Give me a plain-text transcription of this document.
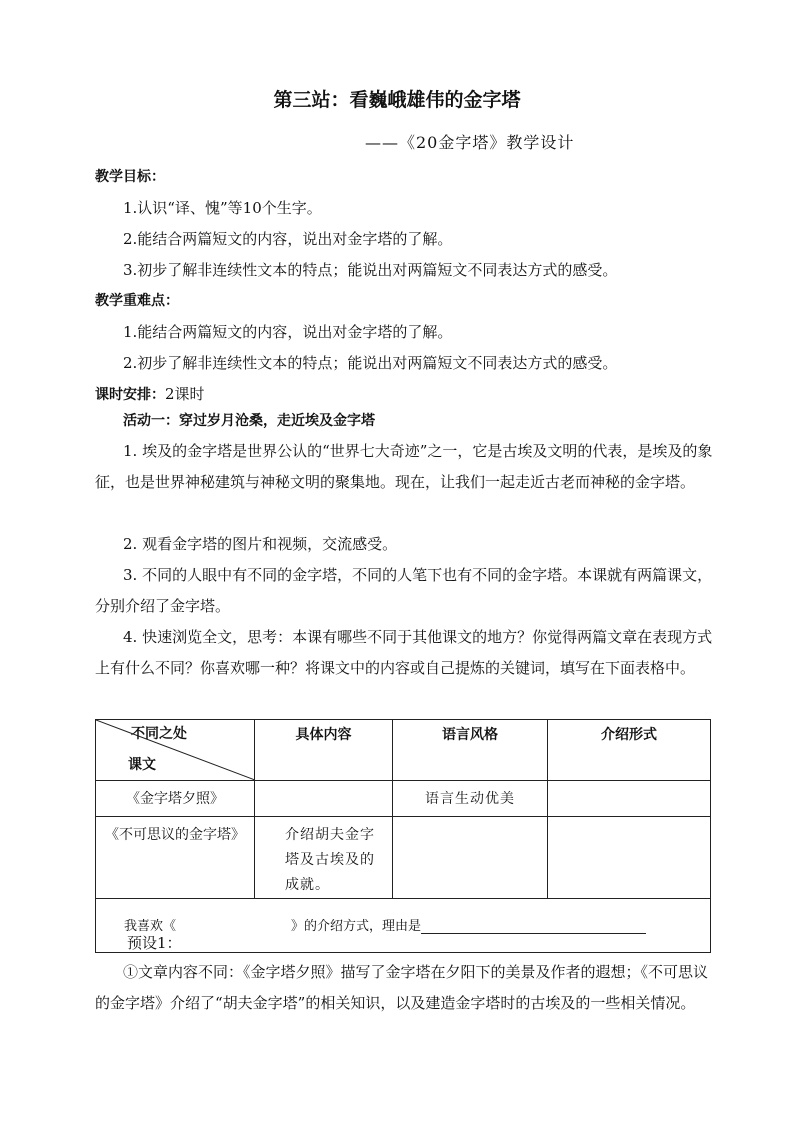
第三站：看巍峨雄伟的金字塔
——《20金字塔》教学设计
教学目标：
1.认识“译、愧”等10个生字。
2.能结合两篇短文的内容，说出对金字塔的了解。
3.初步了解非连续性文本的特点；能说出对两篇短文不同表达方式的感受。
教学重难点：
1.能结合两篇短文的内容，说出对金字塔的了解。
2.初步了解非连续性文本的特点；能说出对两篇短文不同表达方式的感受。
课时安排：2课时
活动一：穿过岁月沧桑，走近埃及金字塔
1. 埃及的金字塔是世界公认的“世界七大奇迹”之一，它是古埃及文明的代表，是埃及的象征，也是世界神秘建筑与神秘文明的聚集地。现在，让我们一起走近古老而神秘的金字塔。
2. 观看金字塔的图片和视频，交流感受。
3. 不同的人眼中有不同的金字塔，不同的人笔下也有不同的金字塔。本课就有两篇课文，分别介绍了金字塔。
4. 快速浏览全文，思考：本课有哪些不同于其他课文的地方？你觉得两篇文章在表现方式上有什么不同？你喜欢哪一种？将课文中的内容或自己提炼的关键词，填写在下面表格中。
不同之处
课文	具体内容	语言风格	介绍形式
《金字塔夕照》		语言生动优美	
《不可思议的金字塔》	介绍胡夫金字塔及古埃及的成就。		

我喜欢《 》的介绍方式，理由是			
预设1：
①文章内容不同：《金字塔夕照》描写了金字塔在夕阳下的美景及作者的遐想；《不可思议的金字塔》介绍了“胡夫金字塔”的相关知识，以及建造金字塔时的古埃及的一些相关情况。
